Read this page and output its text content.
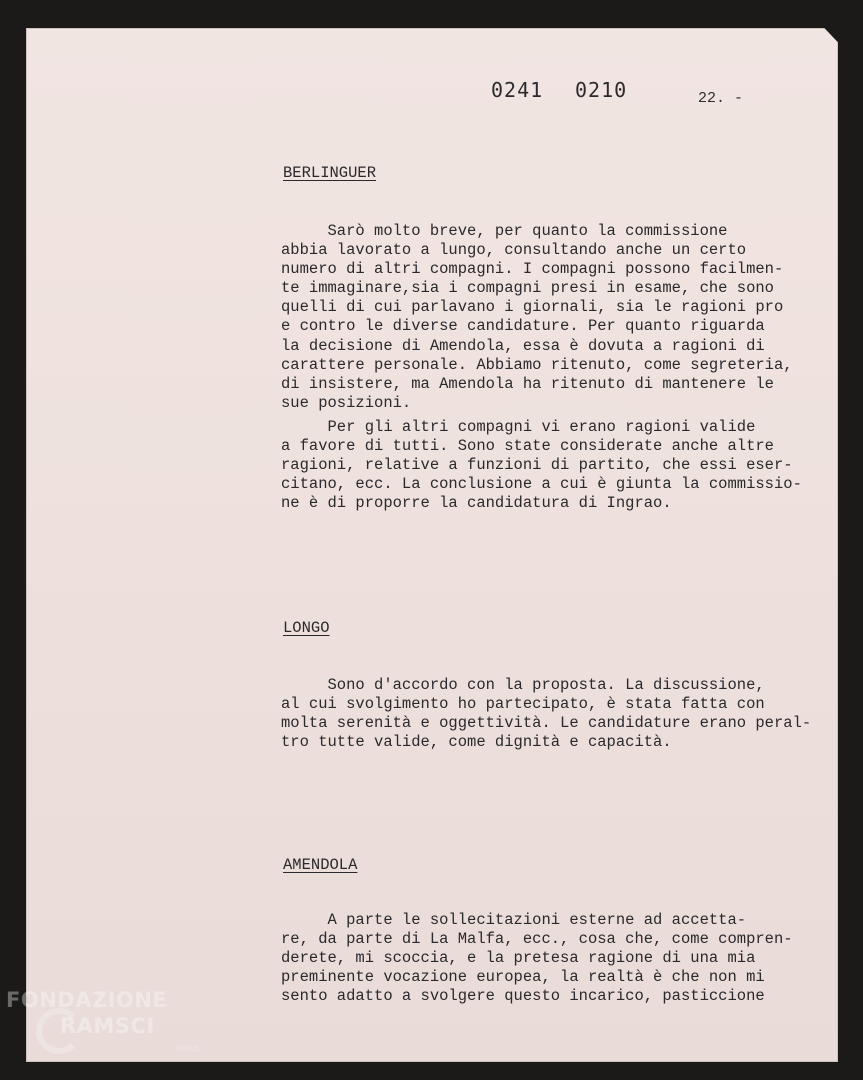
0241 0210	22. -
BERLINGUER

Sarò molto breve, per quanto la commissione
abbia lavorato a lungo, consultando anche un certo
numero di altri compagni. I compagni possono facilmen-
te immaginare,sia i compagni presi in esame, che sono
quelli di cui parlavano i giornali, sia le ragioni pro
e contro le diverse candidature. Per quanto riguarda
la decisione di Amendola, essa è dovuta a ragioni di
carattere personale. Abbiamo ritenuto, come segreteria,
di insistere, ma Amendola ha ritenuto di mantenere le
sue posizioni.

Per gli altri compagni vi erano ragioni valide
a favore di tutti. Sono state considerate anche altre
ragioni, relative a funzioni di partito, che essi eser-
citano, ecc. La conclusione a cui è giunta la commissio-
ne è di proporre la candidatura di Ingrao.

LONGO

Sono d'accordo con la proposta. La discussione,
al cui svolgimento ho partecipato, è stata fatta con
molta serenità e oggettività. Le candidature erano peral-
tro tutte valide, come dignità e capacità.

AMENDOLA

A parte le sollecitazioni esterne ad accetta-
re, da parte di La Malfa, ecc., cosa che, come compren-
derete, mi scoccia, e la pretesa ragione di una mia
preminente vocazione europea, la realtà è che non mi
sento adatto a svolgere questo incarico, pasticcione

FONDAZIONE
RAMSCI
onlus
